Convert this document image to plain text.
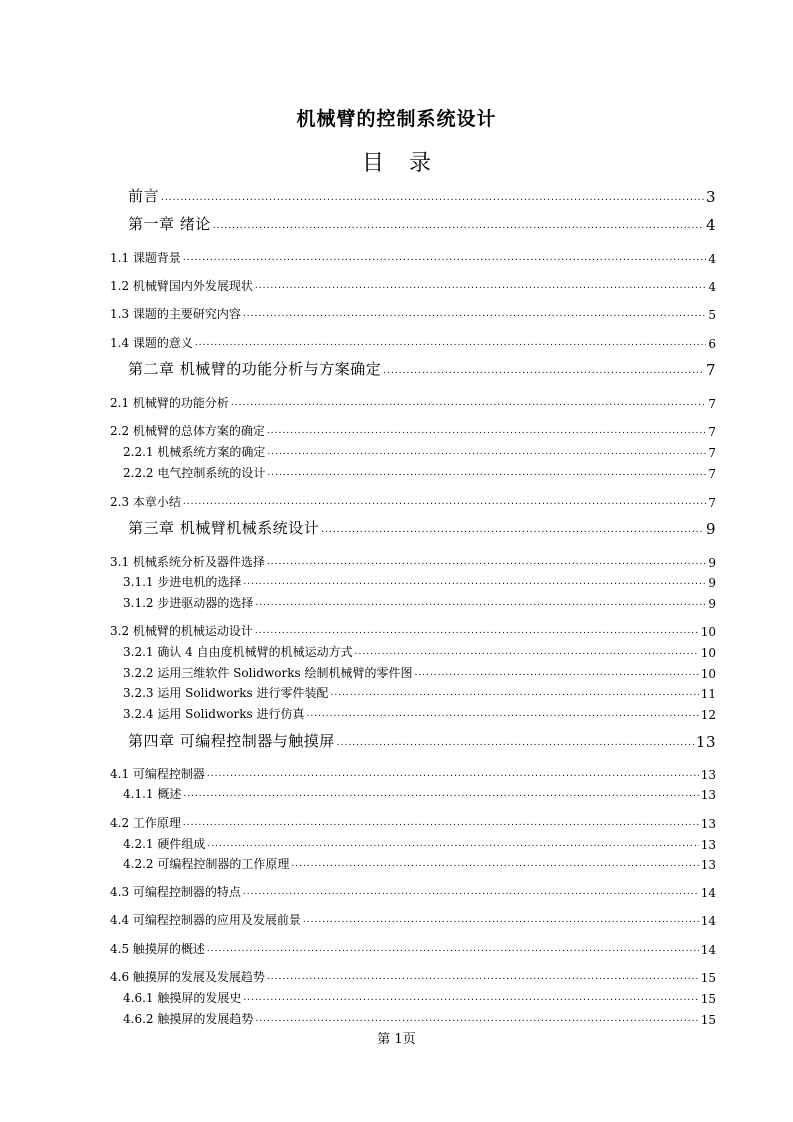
机械臂的控制系统设计
目 录
前言 .....	3
第一章 绪论 .....	4
1.1 课题背景 .....	4
1.2 机械臂国内外发展现状 .....	4
1.3 课题的主要研究内容 .....	5
1.4 课题的意义 .....	6
第二章 机械臂的功能分析与方案确定 .....	7
2.1 机械臂的功能分析 .....	7
2.2 机械臂的总体方案的确定 .....	7
2.2.1 机械系统方案的确定 .....	7
2.2.2 电气控制系统的设计 .....	7
2.3 本章小结 .....	7
第三章 机械臂机械系统设计 .....	9
3.1 机械系统分析及器件选择 .....	9
3.1.1 步进电机的选择 .....	9
3.1.2 步进驱动器的选择 .....	9
3.2 机械臂的机械运动设计 .....	10
3.2.1 确认 4 自由度机械臂的机械运动方式 .....	10
3.2.2 运用三维软件 Solidworks 绘制机械臂的零件图 .....	10
3.2.3 运用 Solidworks 进行零件装配 .....	11
3.2.4 运用 Solidworks 进行仿真 .....	12
第四章 可编程控制器与触摸屏 .....	13
4.1 可编程控制器 .....	13
4.1.1 概述 .....	13
4.2 工作原理 .....	13
4.2.1 硬件组成 .....	13
4.2.2 可编程控制器的工作原理 .....	13
4.3 可编程控制器的特点 .....	14
4.4 可编程控制器的应用及发展前景 .....	14
4.5 触摸屏的概述 .....	14
4.6 触摸屏的发展及发展趋势 .....	15
4.6.1 触摸屏的发展史 .....	15
4.6.2 触摸屏的发展趋势 .....	15
第 1页
